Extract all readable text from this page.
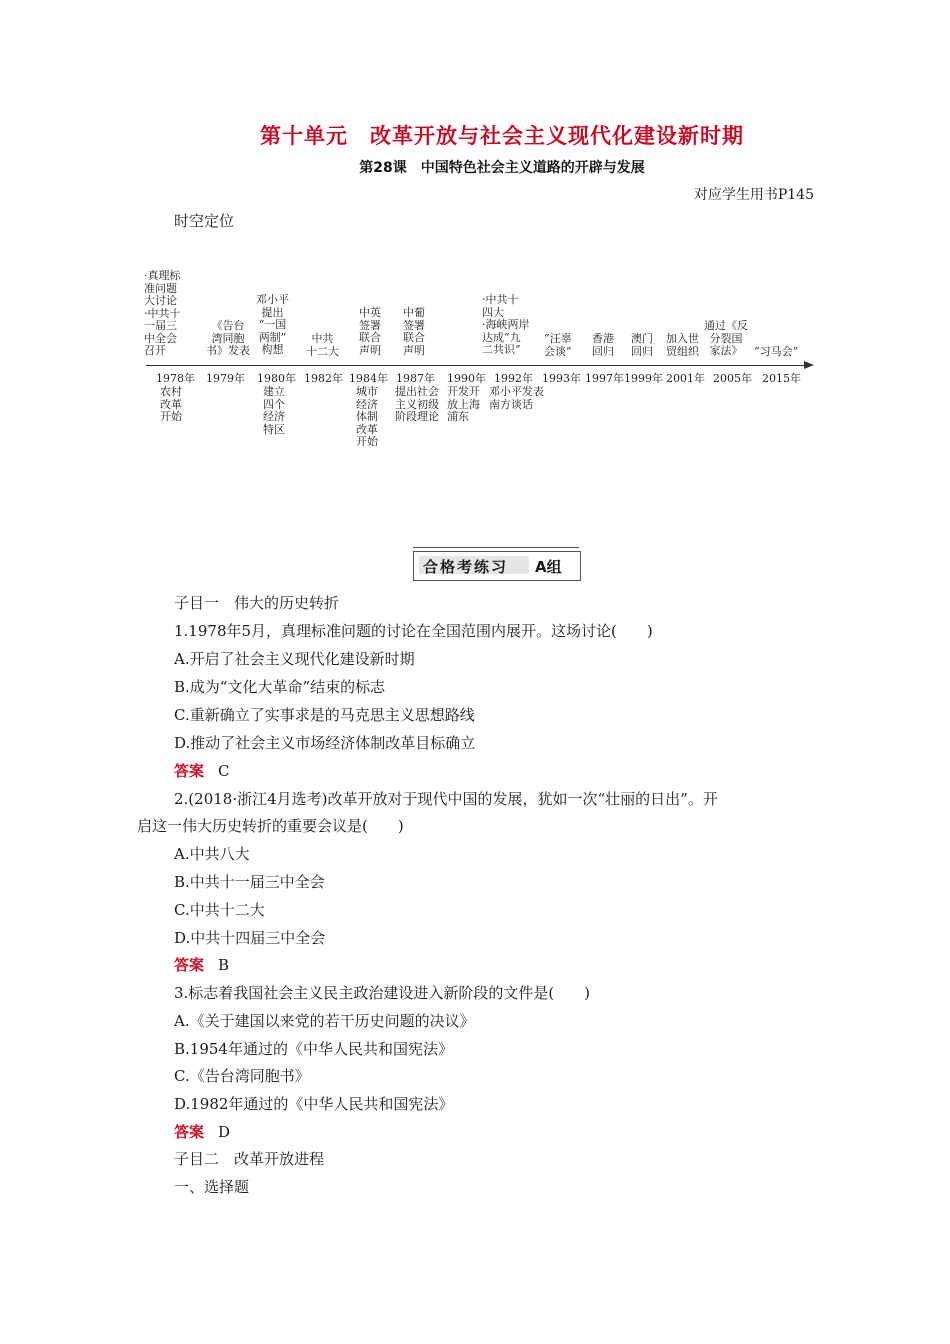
第十单元　改革开放与社会主义现代化建设新时期
第28课　中国特色社会主义道路的开辟与发展
对应学生用书P145
时空定位
·真理标
准问题
大讨论
·中共十
一届三
中全会
召开
《告台
湾同胞
书》发表
邓小平
提出
“一国
两制”
构想
中共
十二大
中英
签署
联合
声明
中葡
签署
联合
声明
·中共十
四大
·海峡两岸
达成“九
二共识”
“汪辜
会谈”
香港
回归
澳门
回归
加入世
贸组织
通过《反
分裂国
家法》	“习马会”
1978年 1979年 1980年 1982年 1984年 1987年 1990年 1992年 1993年 1997年 1999年 2001年 2005年 2015年
农村
改革
开始
建立
四个
经济
特区
城市
经济
体制
改革
开始
提出社会
主义初级
阶段理论
开发开
放上海
浦东
邓小平发表
南方谈话
合格考练习 A组
子目一　伟大的历史转折
1.1978年5月，真理标准问题的讨论在全国范围内展开。这场讨论(　　)
A.开启了社会主义现代化建设新时期
B.成为“文化大革命”结束的标志
C.重新确立了实事求是的马克思主义思想路线
D.推动了社会主义市场经济体制改革目标确立
答案 C
2.(2018·浙江4月选考)改革开放对于现代中国的发展，犹如一次“壮丽的日出”。开
启这一伟大历史转折的重要会议是(　　)
A.中共八大
B.中共十一届三中全会
C.中共十二大
D.中共十四届三中全会
答案 B
3.标志着我国社会主义民主政治建设进入新阶段的文件是(　　)
A.《关于建国以来党的若干历史问题的决议》
B.1954年通过的《中华人民共和国宪法》
C.《告台湾同胞书》
D.1982年通过的《中华人民共和国宪法》
答案 D
子目二　改革开放进程
一、选择题
